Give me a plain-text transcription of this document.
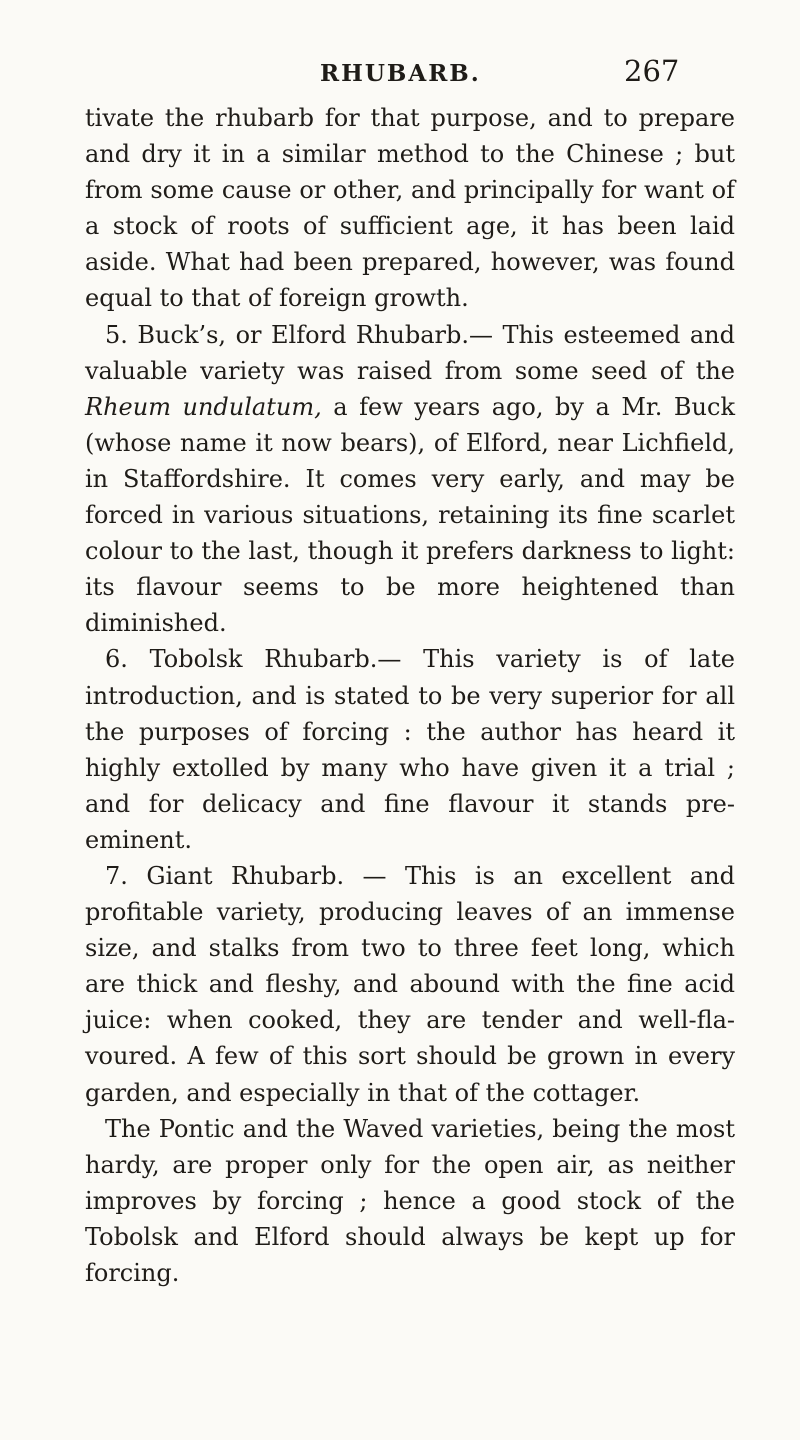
RHUBARB.	267

tivate the rhubarb for that purpose, and to prepare and dry it in a similar method to the Chinese ; but from some cause or other, and principally for want of a stock of roots of sufficient age, it has been laid aside. What had been prepared, however, was found equal to that of foreign growth.

5. Buck’s, or Elford Rhubarb.— This esteemed and valuable variety was raised from some seed of the Rheum undulatum, a few years ago, by a Mr. Buck (whose name it now bears), of Elford, near Lichfield, in Staffordshire. It comes very early, and may be forced in various situations, retaining its fine scarlet colour to the last, though it prefers darkness to light: its flavour seems to be more heightened than diminished.

6. Tobolsk Rhubarb.— This variety is of late introduction, and is stated to be very superior for all the purposes of forcing : the author has heard it highly extolled by many who have given it a trial ; and for delicacy and fine flavour it stands pre-eminent.

7. Giant Rhubarb. — This is an excellent and profitable variety, producing leaves of an immense size, and stalks from two to three feet long, which are thick and fleshy, and abound with the fine acid juice: when cooked, they are tender and well-fla-voured. A few of this sort should be grown in every garden, and especially in that of the cottager.

The Pontic and the Waved varieties, being the most hardy, are proper only for the open air, as neither improves by forcing ; hence a good stock of the Tobolsk and Elford should always be kept up for forcing.
